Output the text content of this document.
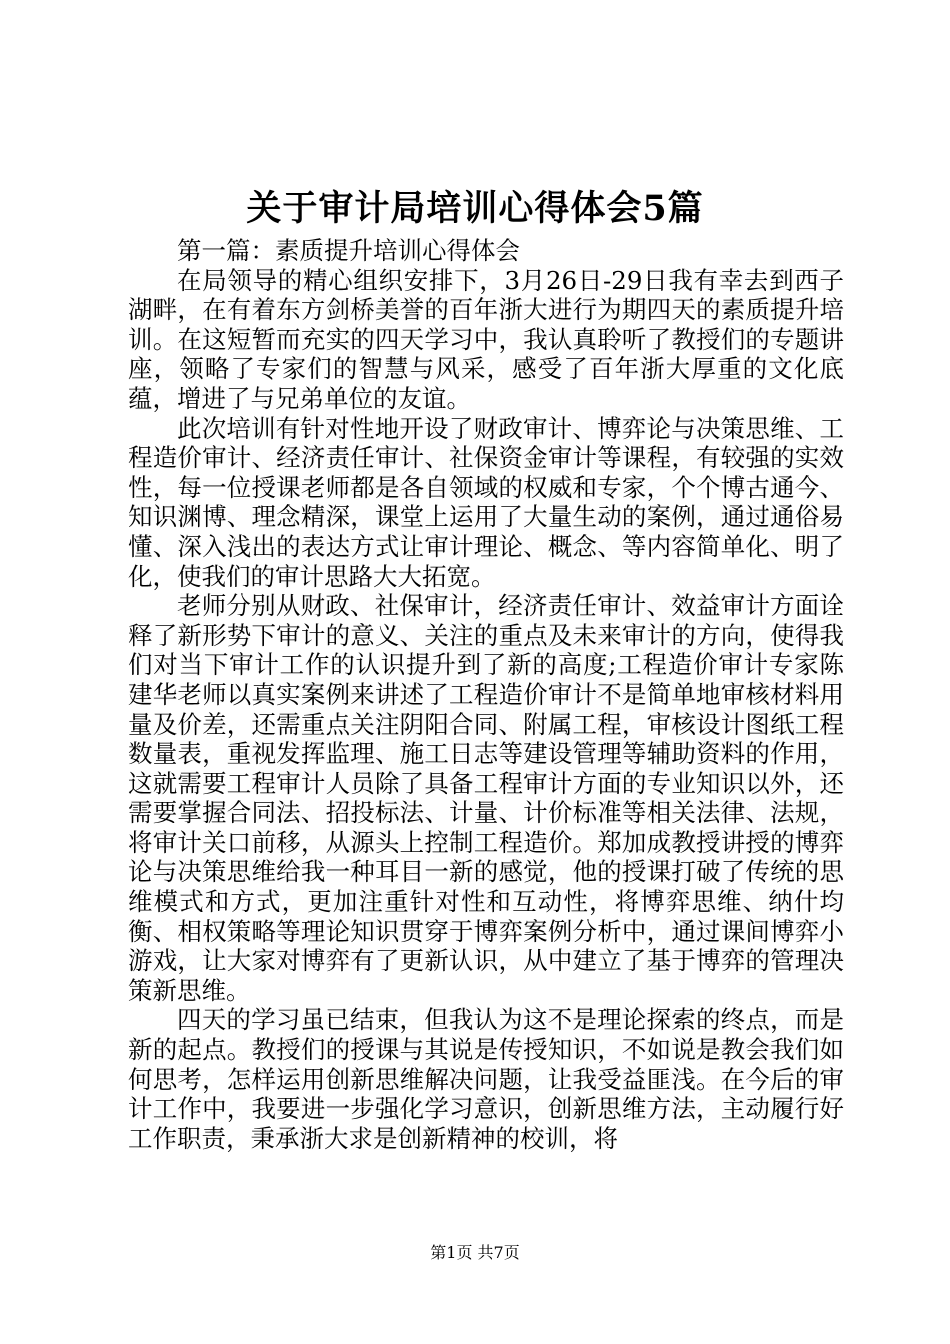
关于审计局培训心得体会5篇

第一篇：素质提升培训心得体会

在局领导的精心组织安排下，3月26日-29日我有幸去到西子湖畔，在有着东方剑桥美誉的百年浙大进行为期四天的素质提升培训。在这短暂而充实的四天学习中，我认真聆听了教授们的专题讲座，领略了专家们的智慧与风采，感受了百年浙大厚重的文化底蕴，增进了与兄弟单位的友谊。

此次培训有针对性地开设了财政审计、博弈论与决策思维、工程造价审计、经济责任审计、社保资金审计等课程，有较强的实效性，每一位授课老师都是各自领域的权威和专家，个个博古通今、知识渊博、理念精深，课堂上运用了大量生动的案例，通过通俗易懂、深入浅出的表达方式让审计理论、概念、等内容简单化、明了化，使我们的审计思路大大拓宽。

老师分别从财政、社保审计，经济责任审计、效益审计方面诠释了新形势下审计的意义、关注的重点及未来审计的方向，使得我们对当下审计工作的认识提升到了新的高度;工程造价审计专家陈建华老师以真实案例来讲述了工程造价审计不是简单地审核材料用量及价差，还需重点关注阴阳合同、附属工程，审核设计图纸工程数量表，重视发挥监理、施工日志等建设管理等辅助资料的作用，这就需要工程审计人员除了具备工程审计方面的专业知识以外，还需要掌握合同法、招投标法、计量、计价标准等相关法律、法规，将审计关口前移，从源头上控制工程造价。郑加成教授讲授的博弈论与决策思维给我一种耳目一新的感觉，他的授课打破了传统的思维模式和方式，更加注重针对性和互动性，将博弈思维、纳什均衡、相权策略等理论知识贯穿于博弈案例分析中，通过课间博弈小游戏，让大家对博弈有了更新认识，从中建立了基于博弈的管理决策新思维。

四天的学习虽已结束，但我认为这不是理论探索的终点，而是新的起点。教授们的授课与其说是传授知识，不如说是教会我们如何思考，怎样运用创新思维解决问题，让我受益匪浅。在今后的审计工作中，我要进一步强化学习意识，创新思维方法，主动履行好工作职责，秉承浙大求是创新精神的校训，将

第1页 共7页
